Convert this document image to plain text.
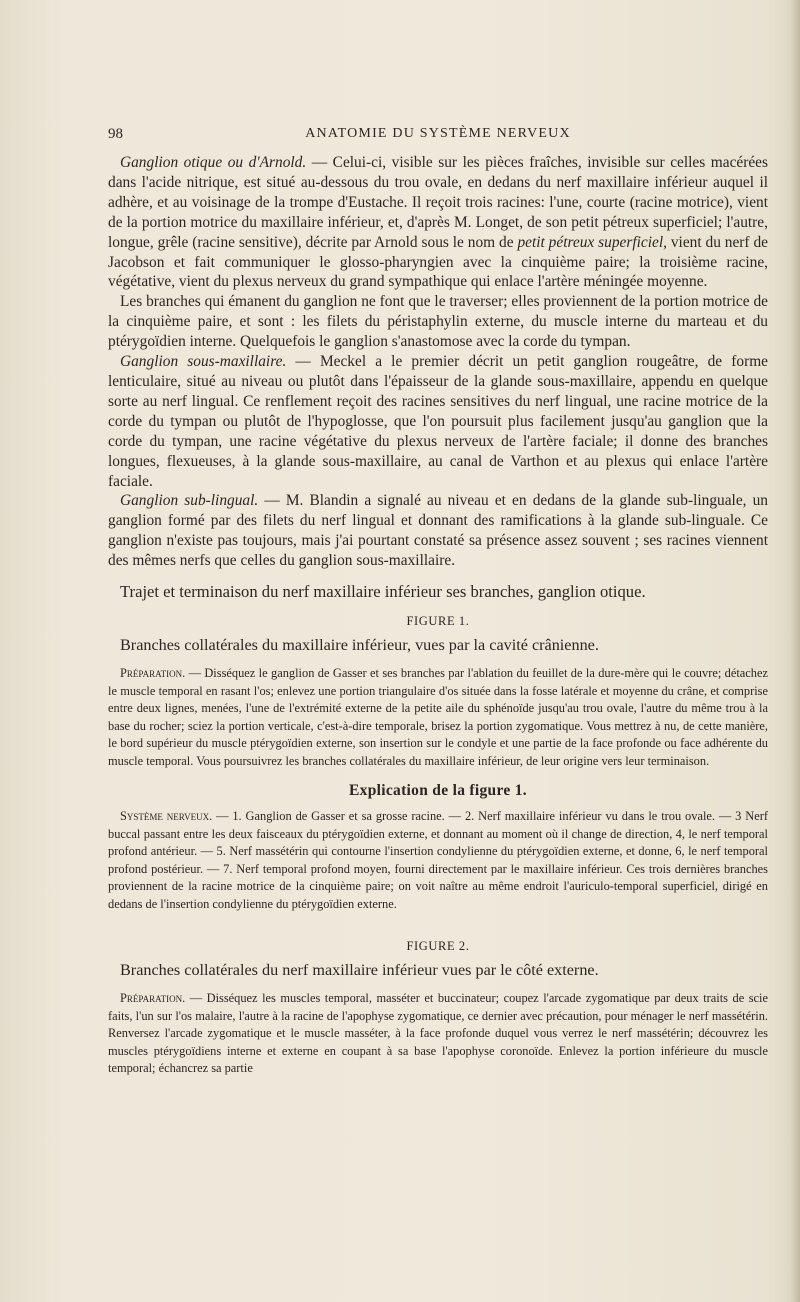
98	ANATOMIE DU SYSTÈME NERVEUX

Ganglion otique ou d'Arnold. — Celui-ci, visible sur les pièces fraîches, invisible sur celles macérées dans l'acide nitrique, est situé au-dessous du trou ovale, en dedans du nerf maxillaire inférieur auquel il adhère, et au voisinage de la trompe d'Eustache. Il reçoit trois racines: l'une, courte (racine motrice), vient de la portion motrice du maxillaire inférieur, et, d'après M. Longet, de son petit pétreux superficiel; l'autre, longue, grêle (racine sensitive), décrite par Arnold sous le nom de petit pétreux superficiel, vient du nerf de Jacobson et fait communiquer le glosso-pharyngien avec la cinquième paire; la troisième racine, végétative, vient du plexus nerveux du grand sympathique qui enlace l'artère méningée moyenne.

Les branches qui émanent du ganglion ne font que le traverser; elles proviennent de la portion motrice de la cinquième paire, et sont : les filets du péristaphylin externe, du muscle interne du marteau et du ptérygoïdien interne. Quelquefois le ganglion s'anastomose avec la corde du tympan.

Ganglion sous-maxillaire. — Meckel a le premier décrit un petit ganglion rougeâtre, de forme lenticulaire, situé au niveau ou plutôt dans l'épaisseur de la glande sous-maxillaire, appendu en quelque sorte au nerf lingual. Ce renflement reçoit des racines sensitives du nerf lingual, une racine motrice de la corde du tympan ou plutôt de l'hypoglosse, que l'on poursuit plus facilement jusqu'au ganglion que la corde du tympan, une racine végétative du plexus nerveux de l'artère faciale; il donne des branches longues, flexueuses, à la glande sous-maxillaire, au canal de Varthon et au plexus qui enlace l'artère faciale.

Ganglion sub-lingual. — M. Blandin a signalé au niveau et en dedans de la glande sub-linguale, un ganglion formé par des filets du nerf lingual et donnant des ramifications à la glande sub-linguale. Ce ganglion n'existe pas toujours, mais j'ai pourtant constaté sa présence assez souvent ; ses racines viennent des mêmes nerfs que celles du ganglion sous-maxillaire.

Trajet et terminaison du nerf maxillaire inférieur ses branches, ganglion otique.
FIGURE 1.
Branches collatérales du maxillaire inférieur, vues par la cavité crânienne.

Préparation. — Disséquez le ganglion de Gasser et ses branches par l'ablation du feuillet de la dure-mère qui le couvre; détachez le muscle temporal en rasant l'os; enlevez une portion triangulaire d'os située dans la fosse latérale et moyenne du crâne, et comprise entre deux lignes, menées, l'une de l'extrémité externe de la petite aile du sphénoïde jusqu'au trou ovale, l'autre du même trou à la base du rocher; sciez la portion verticale, c'est-à-dire temporale, brisez la portion zygomatique. Vous mettrez à nu, de cette manière, le bord supérieur du muscle ptérygoïdien externe, son insertion sur le condyle et une partie de la face profonde ou face adhérente du muscle temporal. Vous poursuivrez les branches collatérales du maxillaire inférieur, de leur origine vers leur terminaison.

Explication de la figure 1.

Système nerveux. — 1. Ganglion de Gasser et sa grosse racine. — 2. Nerf maxillaire inférieur vu dans le trou ovale. — 3 Nerf buccal passant entre les deux faisceaux du ptérygoïdien externe, et donnant au moment où il change de direction, 4, le nerf temporal profond antérieur. — 5. Nerf massétérin qui contourne l'insertion condylienne du ptérygoïdien externe, et donne, 6, le nerf temporal profond postérieur. — 7. Nerf temporal profond moyen, fourni directement par le maxillaire inférieur. Ces trois dernières branches proviennent de la racine motrice de la cinquième paire; on voit naître au même endroit l'auriculo-temporal superficiel, dirigé en dedans de l'insertion condylienne du ptérygoïdien externe.

FIGURE 2.
Branches collatérales du nerf maxillaire inférieur vues par le côté externe.

Préparation. — Disséquez les muscles temporal, masséter et buccinateur; coupez l'arcade zygomatique par deux traits de scie faits, l'un sur l'os malaire, l'autre à la racine de l'apophyse zygomatique, ce dernier avec précaution, pour ménager le nerf massétérin. Renversez l'arcade zygomatique et le muscle masséter, à la face profonde duquel vous verrez le nerf massétérin; découvrez les muscles ptérygoïdiens interne et externe en coupant à sa base l'apophyse coronoïde. Enlevez la portion inférieure du muscle temporal; échancrez sa partie
